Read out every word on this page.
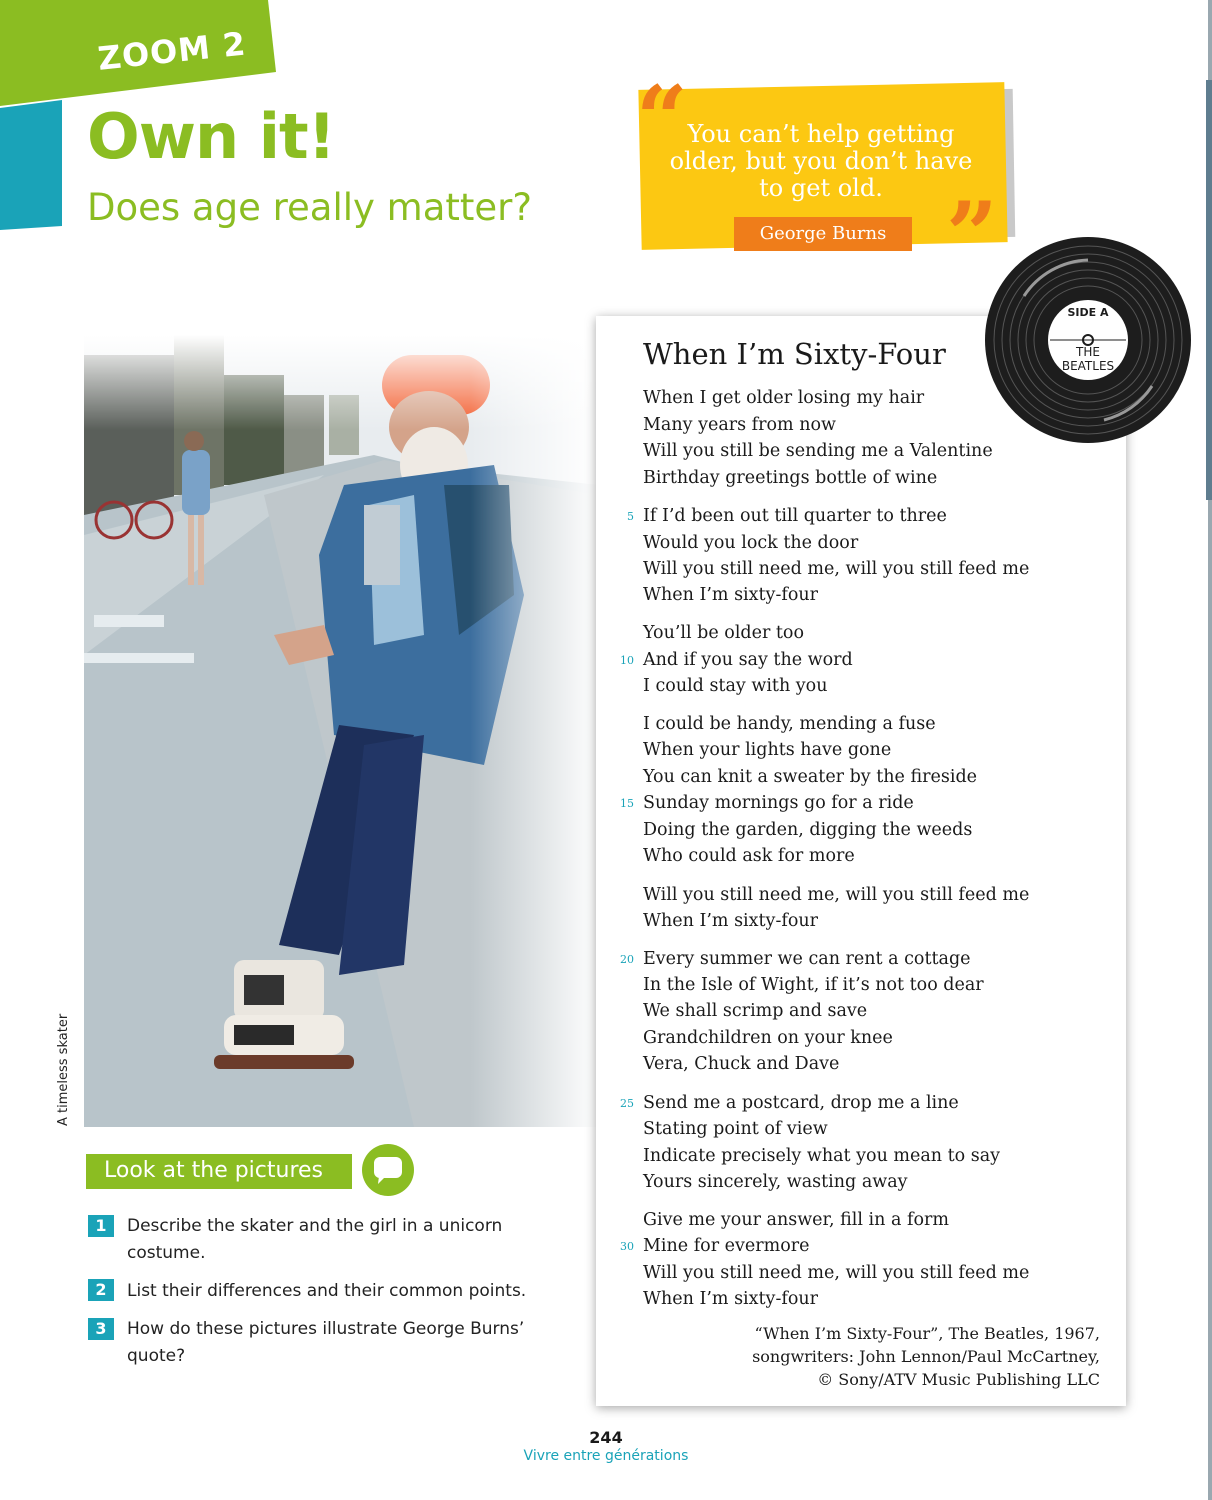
ZOOM 2
Own it!
Does age really matter?
“ You can’t help getting older, but you don’t have to get old.
George Burns ”
A timeless skater
Look at the pictures
1	Describe the skater and the girl in a unicorn costume.
2	List their differences and their common points.
3	How do these pictures illustrate George Burns’ quote?
When I’m Sixty-Four
When I get older losing my hair
Many years from now
Will you still be sending me a Valentine
Birthday greetings bottle of wine
5 If I’d been out till quarter to three
Would you lock the door
Will you still need me, will you still feed me
When I’m sixty-four
You’ll be older too
10 And if you say the word
I could stay with you
I could be handy, mending a fuse
When your lights have gone
You can knit a sweater by the fireside
15 Sunday mornings go for a ride
Doing the garden, digging the weeds
Who could ask for more
Will you still need me, will you still feed me
When I’m sixty-four
20 Every summer we can rent a cottage
In the Isle of Wight, if it’s not too dear
We shall scrimp and save
Grandchildren on your knee
Vera, Chuck and Dave
25 Send me a postcard, drop me a line
Stating point of view
Indicate precisely what you mean to say
Yours sincerely, wasting away
Give me your answer, fill in a form
30 Mine for evermore
Will you still need me, will you still feed me
When I’m sixty-four
“When I’m Sixty-Four”, The Beatles, 1967,
songwriters: John Lennon/Paul McCartney,
© Sony/ATV Music Publishing LLC
SIDE A
THE
BEATLES
244
Vivre entre générations
